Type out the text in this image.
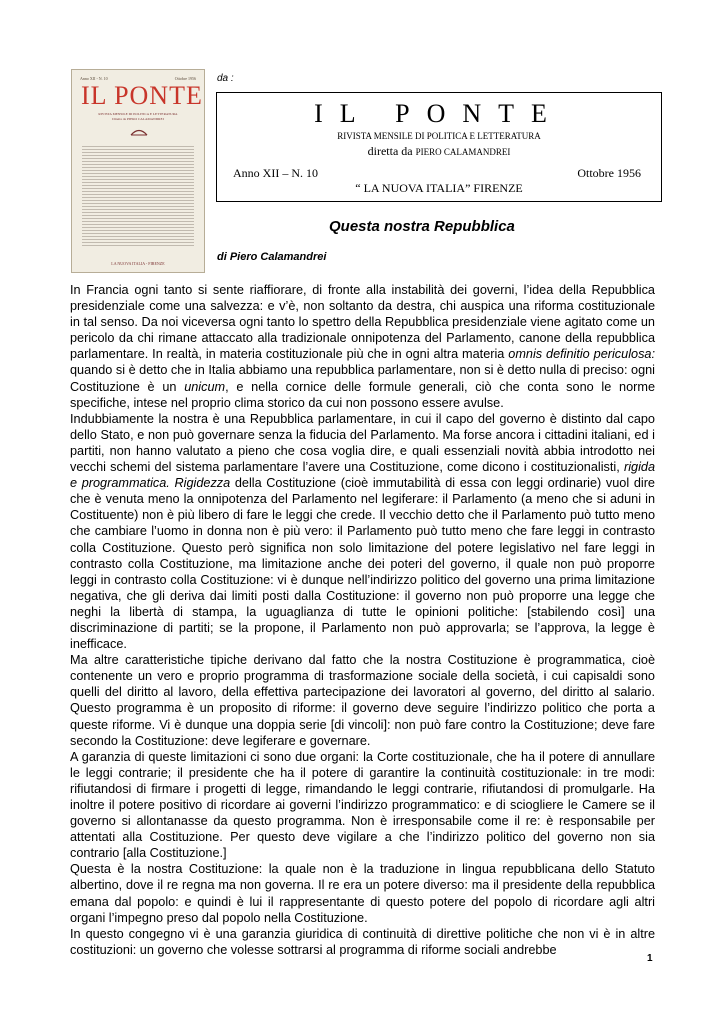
Anno XII - N. 10	Ottobre 1956
IL PONTE
RIVISTA MENSILE DI POLITICA E LETTERATURA
Diretta da PIERO CALAMANDREI
LA NUOVA ITALIA - FIRENZE
da :
IL PONTE
RIVISTA MENSILE DI POLITICA E LETTERATURA
diretta da PIERO CALAMANDREI
Anno XII – N. 10	Ottobre 1956
“ LA NUOVA ITALIA” FIRENZE
Questa nostra Repubblica
di Piero Calamandrei

In Francia ogni tanto si sente riaffiorare, di fronte alla instabilità dei governi, l’idea della Repubblica presidenziale come una salvezza: e v’è, non soltanto da destra, chi auspica una riforma costituzionale in tal senso. Da noi viceversa ogni tanto lo spettro della Repubblica presidenziale viene agitato come un pericolo da chi rimane attaccato alla tradizionale onnipotenza del Parlamento, canone della repubblica parlamentare. In realtà, in materia costituzionale più che in ogni altra materia omnis definitio periculosa: quando si è detto che in Italia abbiamo una repubblica parlamentare, non si è detto nulla di preciso: ogni Costituzione è un unicum, e nella cornice delle formule generali, ciò che conta sono le norme specifiche, intese nel proprio clima storico da cui non possono essere avulse.

Indubbiamente la nostra è una Repubblica parlamentare, in cui il capo del governo è distinto dal capo dello Stato, e non può governare senza la fiducia del Parlamento. Ma forse ancora i cittadini italiani, ed i partiti, non hanno valutato a pieno che cosa voglia dire, e quali essenziali novità abbia introdotto nei vecchi schemi del sistema parlamentare l’avere una Costituzione, come dicono i costituzionalisti, rigida e programmatica. Rigidezza della Costituzione (cioè immutabilità di essa con leggi ordinarie) vuol dire che è venuta meno la onnipotenza del Parlamento nel legiferare: il Parlamento (a meno che si aduni in Costituente) non è più libero di fare le leggi che crede. Il vecchio detto che il Parlamento può tutto meno che cambiare l’uomo in donna non è più vero: il Parlamento può tutto meno che fare leggi in contrasto colla Costituzione. Questo però significa non solo limitazione del potere legislativo nel fare leggi in contrasto colla Costituzione, ma limitazione anche dei poteri del governo, il quale non può proporre leggi in contrasto colla Costituzione: vi è dunque nell’indirizzo politico del governo una prima limitazione negativa, che gli deriva dai limiti posti dalla Costituzione: il governo non può proporre una legge che neghi la libertà di stampa, la uguaglianza di tutte le opinioni politiche: [stabilendo così] una discriminazione di partiti; se la propone, il Parlamento non può approvarla; se l’approva, la legge è inefficace.

Ma altre caratteristiche tipiche derivano dal fatto che la nostra Costituzione è programmatica, cioè contenente un vero e proprio programma di trasformazione sociale della società, i cui capisaldi sono quelli del diritto al lavoro, della effettiva partecipazione dei lavoratori al governo, del diritto al salario. Questo programma è un proposito di riforme: il governo deve seguire l’indirizzo politico che porta a queste riforme. Vi è dunque una doppia serie [di vincoli]: non può fare contro la Costituzione; deve fare secondo la Costituzione: deve legiferare e governare.

A garanzia di queste limitazioni ci sono due organi: la Corte costituzionale, che ha il potere di annullare le leggi contrarie; il presidente che ha il potere di garantire la continuità costituzionale: in tre modi: rifiutandosi di firmare i progetti di legge, rimandando le leggi contrarie, rifiutandosi di promulgarle. Ha inoltre il potere positivo di ricordare ai governi l’indirizzo programmatico: e di scioglierе le Camere se il governo si allontanasse da questo programma. Non è irresponsabile come il re: è responsabile per attentati alla Costituzione. Per questo deve vigilare a che l’indirizzo politico del governo non sia contrario [alla Costituzione.]

Questa è la nostra Costituzione: la quale non è la traduzione in lingua repubblicana dello Statuto albertino, dove il re regna ma non governa. Il re era un potere diverso: ma il presidente della repubblica emana dal popolo: e quindi è lui il rappresentante di questo potere del popolo di ricordare agli altri organi l’impegno preso dal popolo nella Costituzione.

In questo congegno vi è una garanzia giuridica di continuità di direttive politiche che non vi è in altre costituzioni: un governo che volesse sottrarsi al programma di riforme sociali andrebbe

1
